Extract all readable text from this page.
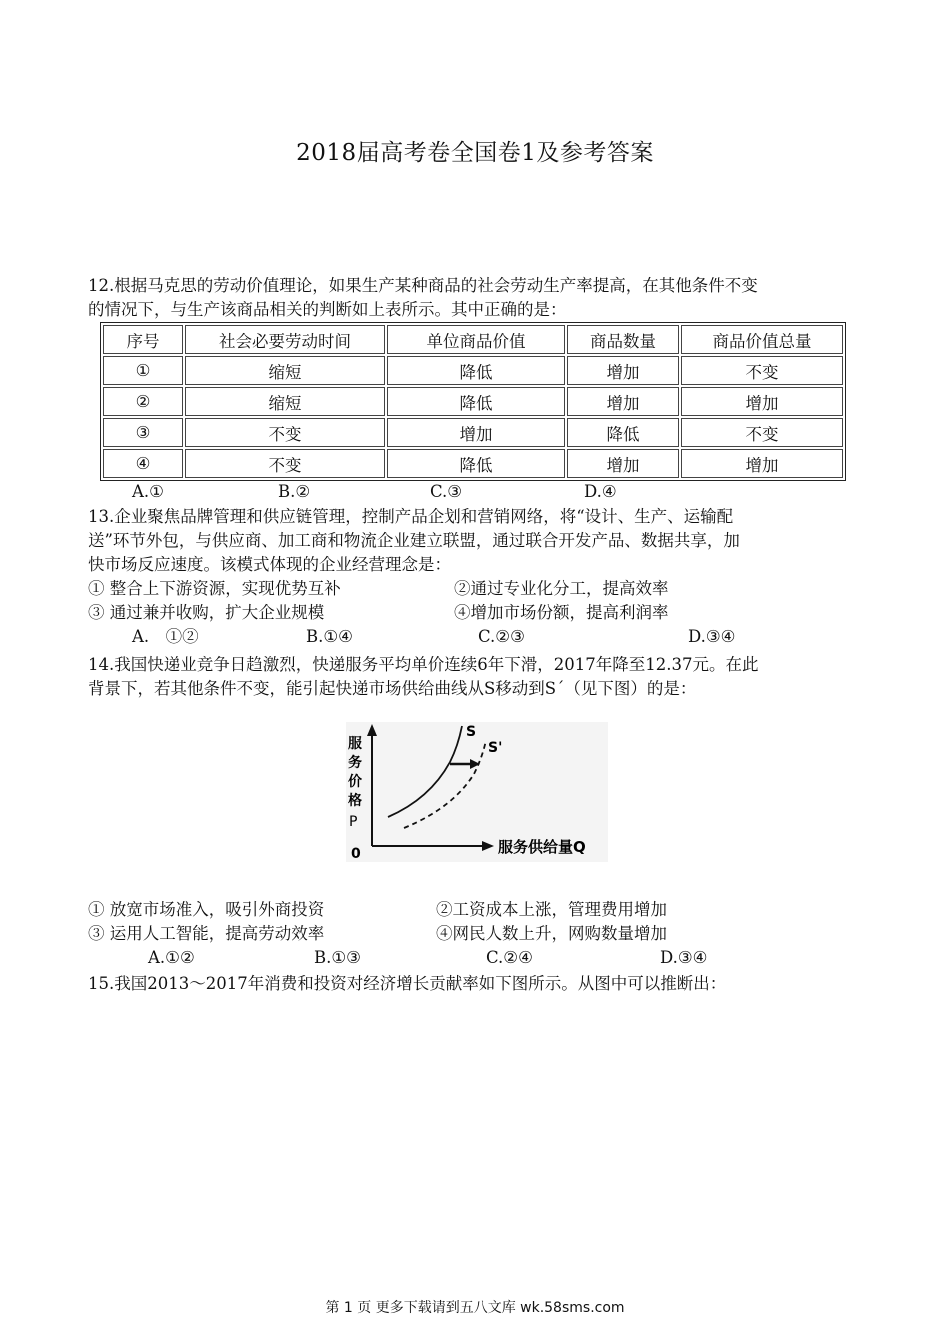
2018届高考卷全国卷1及参考答案
12.根据马克思的劳动价值理论，如果生产某种商品的社会劳动生产率提高，在其他条件不变
的情况下，与生产该商品相关的判断如上表所示。其中正确的是：
序号	社会必要劳动时间	单位商品价值	商品数量	商品价值总量
①	缩短	降低	增加	不变
②	缩短	降低	增加	增加
③	不变	增加	降低	不变
④	不变	降低	增加	增加
A.①	B.②	C.③	D.④
13.企业聚焦品牌管理和供应链管理，控制产品企划和营销网络，将“设计、生产、运输配
送”环节外包，与供应商、加工商和物流企业建立联盟，通过联合开发产品、数据共享，加
快市场反应速度。该模式体现的企业经营理念是：
① 整合上下游资源，实现优势互补	②通过专业化分工，提高效率
③ 通过兼并收购，扩大企业规模	④增加市场份额，提高利润率
A.　①②	B.①④	C.②③	D.③④
14.我国快递业竞争日趋激烈，快递服务平均单价连续6年下滑，2017年降至12.37元。在此
背景下，若其他条件不变，能引起快递市场供给曲线从S移动到S´（见下图）的是：
服
务
价
格
P
0	服务供给量Q
S
S'
① 放宽市场准入，吸引外商投资	②工资成本上涨，管理费用增加
③ 运用人工智能，提高劳动效率	④网民人数上升，网购数量增加
A.①②	B.①③	C.②④	D.③④
15.我国2013～2017年消费和投资对经济增长贡献率如下图所示。从图中可以推断出：
第 1 页 更多下载请到五八文库 wk.58sms.com
